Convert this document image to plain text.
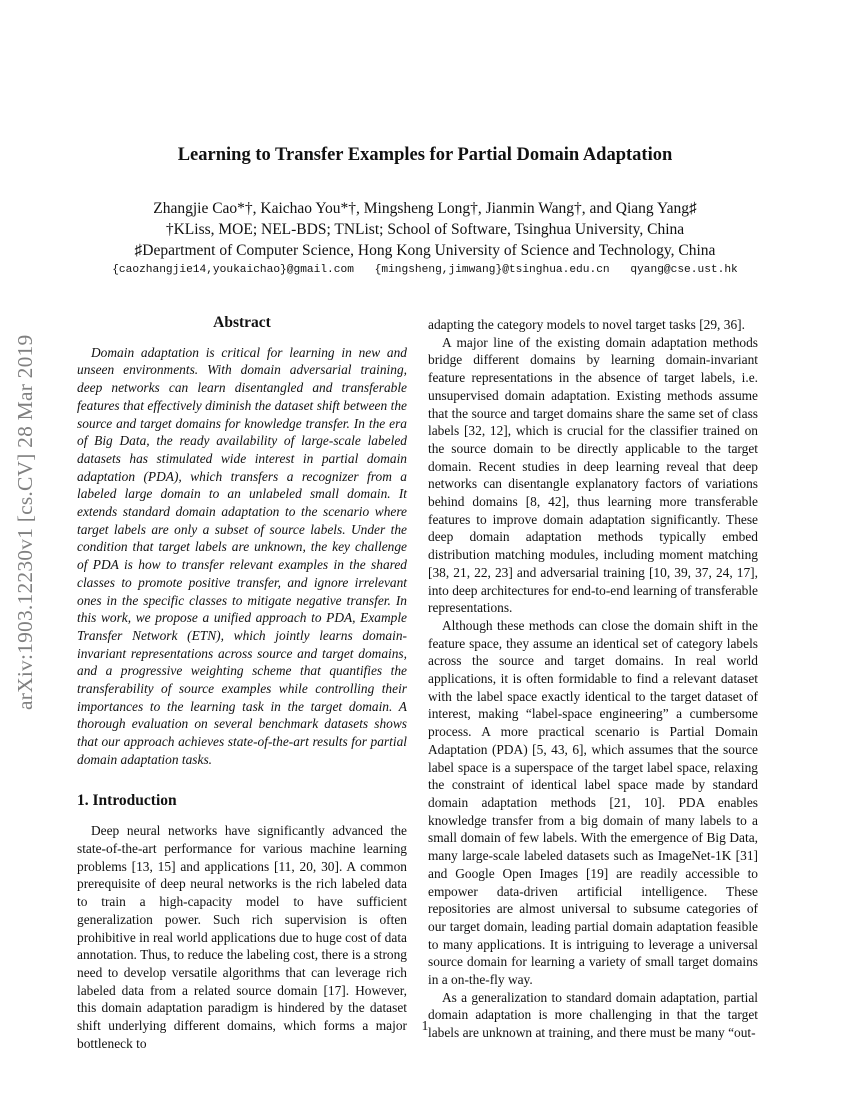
arXiv:1903.12230v1 [cs.CV] 28 Mar 2019
Learning to Transfer Examples for Partial Domain Adaptation
Zhangjie Cao*†, Kaichao You*†, Mingsheng Long†, Jianmin Wang†, and Qiang Yang♯
†KLiss, MOE; NEL-BDS; TNList; School of Software, Tsinghua University, China
♯Department of Computer Science, Hong Kong University of Science and Technology, China
{caozhangjie14,youkaichao}@gmail.com {mingsheng,jimwang}@tsinghua.edu.cn qyang@cse.ust.hk

Abstract

Domain adaptation is critical for learning in new and unseen environments. With domain adversarial training, deep networks can learn disentangled and transferable features that effectively diminish the dataset shift between the source and target domains for knowledge transfer. In the era of Big Data, the ready availability of large-scale labeled datasets has stimulated wide interest in partial domain adaptation (PDA), which transfers a recognizer from a labeled large domain to an unlabeled small domain. It extends standard domain adaptation to the scenario where target labels are only a subset of source labels. Under the condition that target labels are unknown, the key challenge of PDA is how to transfer relevant examples in the shared classes to promote positive transfer, and ignore irrelevant ones in the specific classes to mitigate negative transfer. In this work, we propose a unified approach to PDA, Example Transfer Network (ETN), which jointly learns domain-invariant representations across source and target domains, and a progressive weighting scheme that quantifies the transferability of source examples while controlling their importances to the learning task in the target domain. A thorough evaluation on several benchmark datasets shows that our approach achieves state-of-the-art results for partial domain adaptation tasks.

1. Introduction

Deep neural networks have significantly advanced the state-of-the-art performance for various machine learning problems [13, 15] and applications [11, 20, 30]. A common prerequisite of deep neural networks is the rich labeled data to train a high-capacity model to have sufficient generalization power. Such rich supervision is often prohibitive in real world applications due to huge cost of data annotation. Thus, to reduce the labeling cost, there is a strong need to develop versatile algorithms that can leverage rich labeled data from a related source domain [17]. However, this domain adaptation paradigm is hindered by the dataset shift underlying different domains, which forms a major bottleneck to

adapting the category models to novel target tasks [29, 36].

A major line of the existing domain adaptation methods bridge different domains by learning domain-invariant feature representations in the absence of target labels, i.e. unsupervised domain adaptation. Existing methods assume that the source and target domains share the same set of class labels [32, 12], which is crucial for the classifier trained on the source domain to be directly applicable to the target domain. Recent studies in deep learning reveal that deep networks can disentangle explanatory factors of variations behind domains [8, 42], thus learning more transferable features to improve domain adaptation significantly. These deep domain adaptation methods typically embed distribution matching modules, including moment matching [38, 21, 22, 23] and adversarial training [10, 39, 37, 24, 17], into deep architectures for end-to-end learning of transferable representations.

Although these methods can close the domain shift in the feature space, they assume an identical set of category labels across the source and target domains. In real world applications, it is often formidable to find a relevant dataset with the label space exactly identical to the target dataset of interest, making “label-space engineering” a cumbersome process. A more practical scenario is Partial Domain Adaptation (PDA) [5, 43, 6], which assumes that the source label space is a superspace of the target label space, relaxing the constraint of identical label space made by standard domain adaptation methods [21, 10]. PDA enables knowledge transfer from a big domain of many labels to a small domain of few labels. With the emergence of Big Data, many large-scale labeled datasets such as ImageNet-1K [31] and Google Open Images [19] are readily accessible to empower data-driven artificial intelligence. These repositories are almost universal to subsume categories of our target domain, leading partial domain adaptation feasible to many applications. It is intriguing to leverage a universal source domain for learning a variety of small target domains in a on-the-fly way.

As a generalization to standard domain adaptation, partial domain adaptation is more challenging in that the target labels are unknown at training, and there must be many “out-

1
